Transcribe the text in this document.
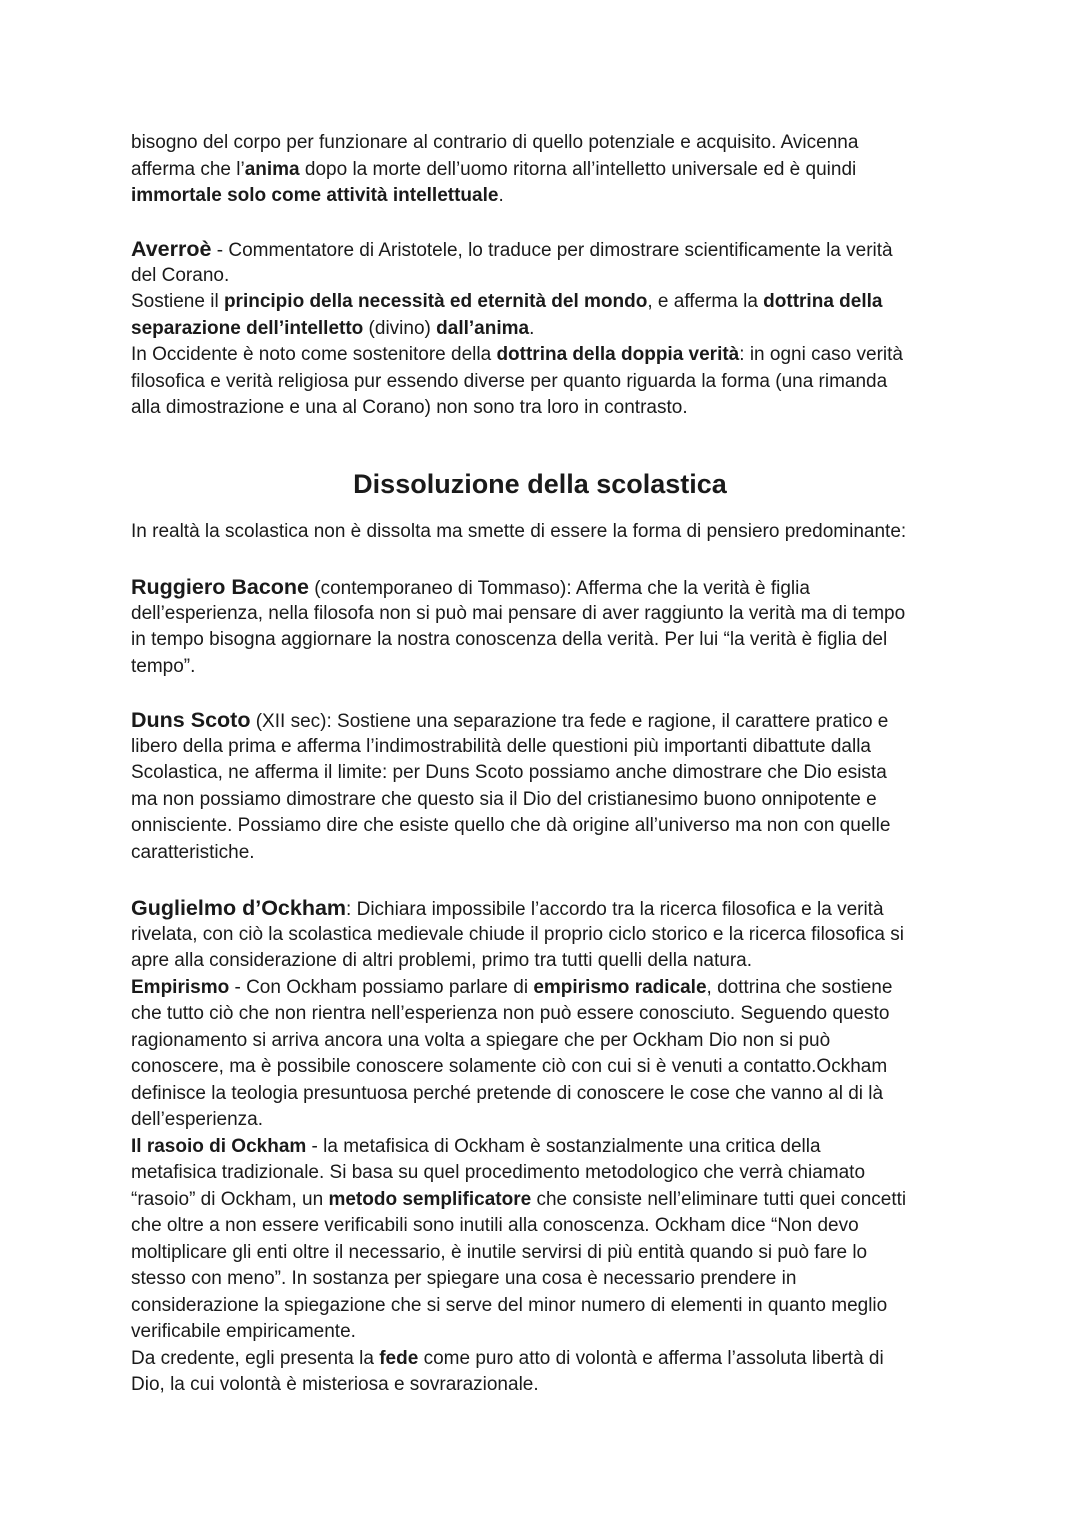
bisogno del corpo per funzionare al contrario di quello potenziale e acquisito. Avicenna
afferma che l’anima dopo la morte dell’uomo ritorna all’intelletto universale ed è quindi
immortale solo come attività intellettuale.
Averroè - Commentatore di Aristotele, lo traduce per dimostrare scientificamente la verità
del Corano.
Sostiene il principio della necessità ed eternità del mondo, e afferma la dottrina della
separazione dell’intelletto (divino) dall’anima.
In Occidente è noto come sostenitore della dottrina della doppia verità: in ogni caso verità
filosofica e verità religiosa pur essendo diverse per quanto riguarda la forma (una rimanda
alla dimostrazione e una al Corano) non sono tra loro in contrasto.
Dissoluzione della scolastica
In realtà la scolastica non è dissolta ma smette di essere la forma di pensiero predominante:
Ruggiero Bacone (contemporaneo di Tommaso): Afferma che la verità è figlia
dell’esperienza, nella filosofa non si può mai pensare di aver raggiunto la verità ma di tempo
in tempo bisogna aggiornare la nostra conoscenza della verità. Per lui “la verità è figlia del
tempo”.
Duns Scoto (XII sec): Sostiene una separazione tra fede e ragione, il carattere pratico e
libero della prima e afferma l’indimostrabilità delle questioni più importanti dibattute dalla
Scolastica, ne afferma il limite: per Duns Scoto possiamo anche dimostrare che Dio esista
ma non possiamo dimostrare che questo sia il Dio del cristianesimo buono onnipotente e
onnisciente. Possiamo dire che esiste quello che dà origine all’universo ma non con quelle
caratteristiche.
Guglielmo d’Ockham: Dichiara impossibile l’accordo tra la ricerca filosofica e la verità
rivelata, con ciò la scolastica medievale chiude il proprio ciclo storico e la ricerca filosofica si
apre alla considerazione di altri problemi, primo tra tutti quelli della natura.
Empirismo - Con Ockham possiamo parlare di empirismo radicale, dottrina che sostiene
che tutto ciò che non rientra nell’esperienza non può essere conosciuto. Seguendo questo
ragionamento si arriva ancora una volta a spiegare che per Ockham Dio non si può
conoscere, ma è possibile conoscere solamente ciò con cui si è venuti a contatto.Ockham
definisce la teologia presuntuosa perché pretende di conoscere le cose che vanno al di là
dell’esperienza.
Il rasoio di Ockham - la metafisica di Ockham è sostanzialmente una critica della
metafisica tradizionale. Si basa su quel procedimento metodologico che verrà chiamato
“rasoio” di Ockham, un metodo semplificatore che consiste nell’eliminare tutti quei concetti
che oltre a non essere verificabili sono inutili alla conoscenza. Ockham dice “Non devo
moltiplicare gli enti oltre il necessario, è inutile servirsi di più entità quando si può fare lo
stesso con meno”. In sostanza per spiegare una cosa è necessario prendere in
considerazione la spiegazione che si serve del minor numero di elementi in quanto meglio
verificabile empiricamente.
Da credente, egli presenta la fede come puro atto di volontà e afferma l’assoluta libertà di
Dio, la cui volontà è misteriosa e sovrarazionale.
